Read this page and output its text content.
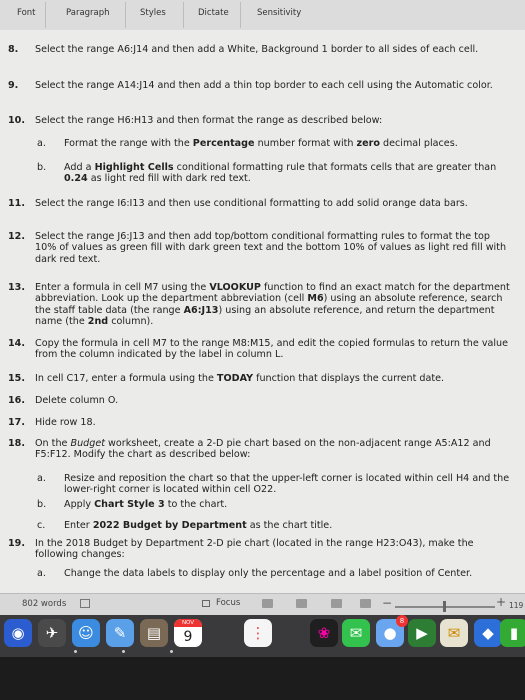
Font	Paragraph	Styles	Dictate	Sensitivity
8.	Select the range A6:J14 and then add a White, Background 1 border to all sides of each cell.
9.	Select the range A14:J14 and then add a thin top border to each cell using the Automatic color.
10.	Select the range H6:H13 and then format the range as described below:
a.	Format the range with the Percentage number format with zero decimal places.
b.	Add a Highlight Cells conditional formatting rule that formats cells that are greater than 0.24 as light red fill with dark red text.
11.	Select the range I6:I13 and then use conditional formatting to add solid orange data bars.
12.	Select the range J6:J13 and then add top/bottom conditional formatting rules to format the top 10% of values as green fill with dark green text and the bottom 10% of values as light red fill with dark red text.
13.	Enter a formula in cell M7 using the VLOOKUP function to find an exact match for the department abbreviation. Look up the department abbreviation (cell M6) using an absolute reference, search the staff table data (the range A6:J13) using an absolute reference, and return the department name (the 2nd column).
14.	Copy the formula in cell M7 to the range M8:M15, and edit the copied formulas to return the value from the column indicated by the label in column L.
15.	In cell C17, enter a formula using the TODAY function that displays the current date.
16.	Delete column O.
17.	Hide row 18.
18.	On the Budget worksheet, create a 2-D pie chart based on the non-adjacent range A5:A12 and F5:F12. Modify the chart as described below:
a.	Resize and reposition the chart so that the upper-left corner is located within cell H4 and the lower-right corner is located within cell O22.
b.	Apply Chart Style 3 to the chart.
c.	Enter 2022 Budget by Department as the chart title.
19.	In the 2018 Budget by Department 2-D pie chart (located in the range H23:O43), make the following changes:
a.	Change the data labels to display only the percentage and a label position of Center.
802 words	Focus	−	+ 119
◉	✈	☺	✎	▤
NOV
9	⋮	❀	✉	●
8
▶	✉	◆	▮
